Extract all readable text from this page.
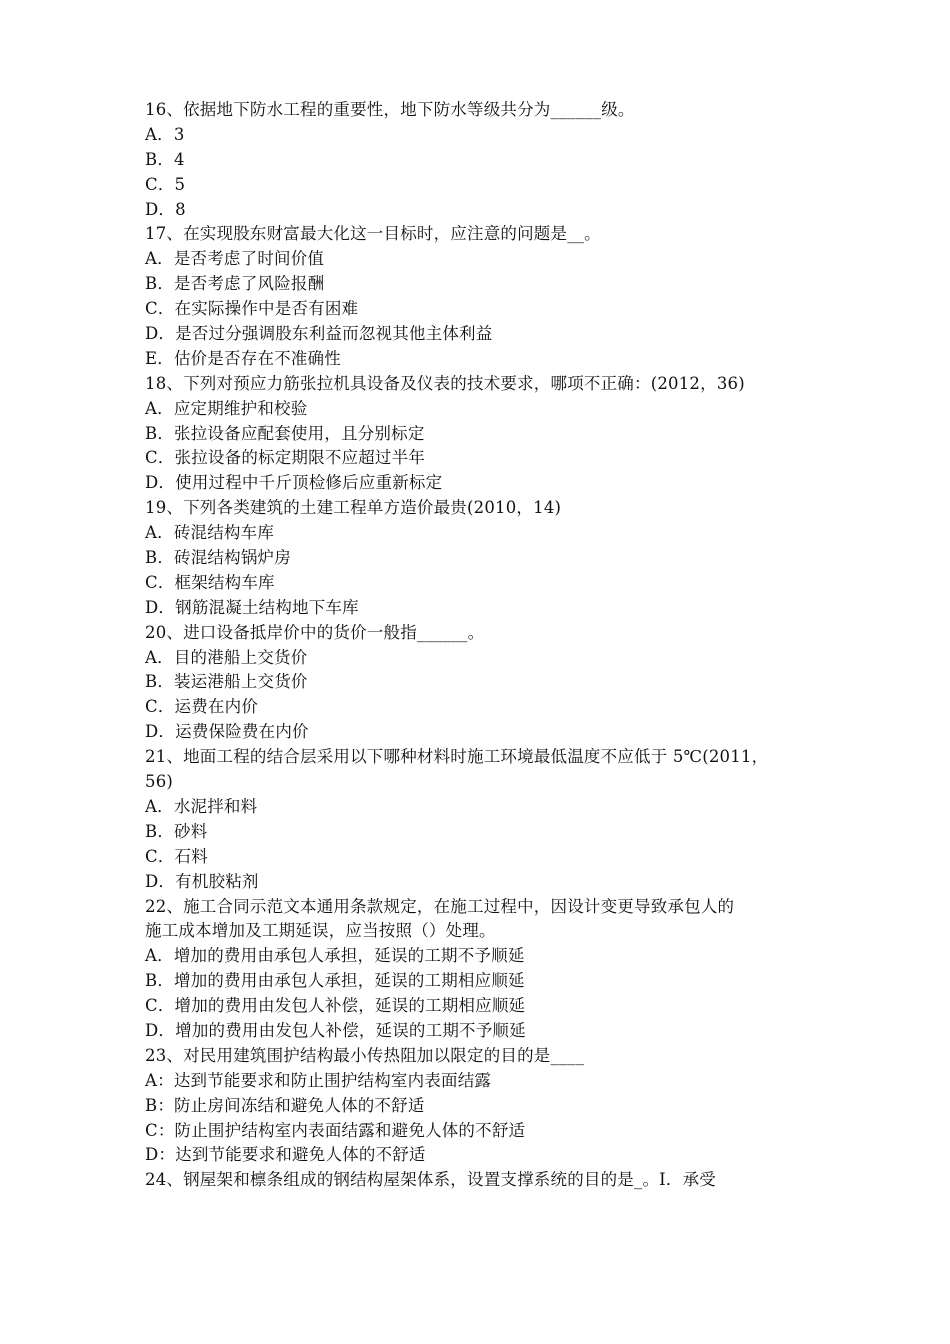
16、依据地下防水工程的重要性，地下防水等级共分为______级。
A．3
B．4
C．5
D．8
17、在实现股东财富最大化这一目标时，应注意的问题是__。
A．是否考虑了时间价值
B．是否考虑了风险报酬
C．在实际操作中是否有困难
D．是否过分强调股东利益而忽视其他主体利益
E．估价是否存在不准确性
18、下列对预应力筋张拉机具设备及仪表的技术要求，哪项不正确：(2012，36)
A．应定期维护和校验
B．张拉设备应配套使用，且分别标定
C．张拉设备的标定期限不应超过半年
D．使用过程中千斤顶检修后应重新标定
19、下列各类建筑的土建工程单方造价最贵(2010，14)
A．砖混结构车库
B．砖混结构锅炉房
C．框架结构车库
D．钢筋混凝土结构地下车库
20、进口设备抵岸价中的货价一般指______。
A．目的港船上交货价
B．装运港船上交货价
C．运费在内价
D．运费保险费在内价
21、地面工程的结合层采用以下哪种材料时施工环境最低温度不应低于 5℃(2011，
56)
A．水泥拌和料
B．砂料
C．石料
D．有机胶粘剂
22、施工合同示范文本通用条款规定，在施工过程中，因设计变更导致承包人的
施工成本增加及工期延误，应当按照（）处理。
A．增加的费用由承包人承担，延误的工期不予顺延
B．增加的费用由承包人承担，延误的工期相应顺延
C．增加的费用由发包人补偿，延误的工期相应顺延
D．增加的费用由发包人补偿，延误的工期不予顺延
23、对民用建筑围护结构最小传热阻加以限定的目的是____
A：达到节能要求和防止围护结构室内表面结露
B：防止房间冻结和避免人体的不舒适
C：防止围护结构室内表面结露和避免人体的不舒适
D：达到节能要求和避免人体的不舒适
24、钢屋架和檩条组成的钢结构屋架体系，设置支撑系统的目的是_。Ⅰ．承受
